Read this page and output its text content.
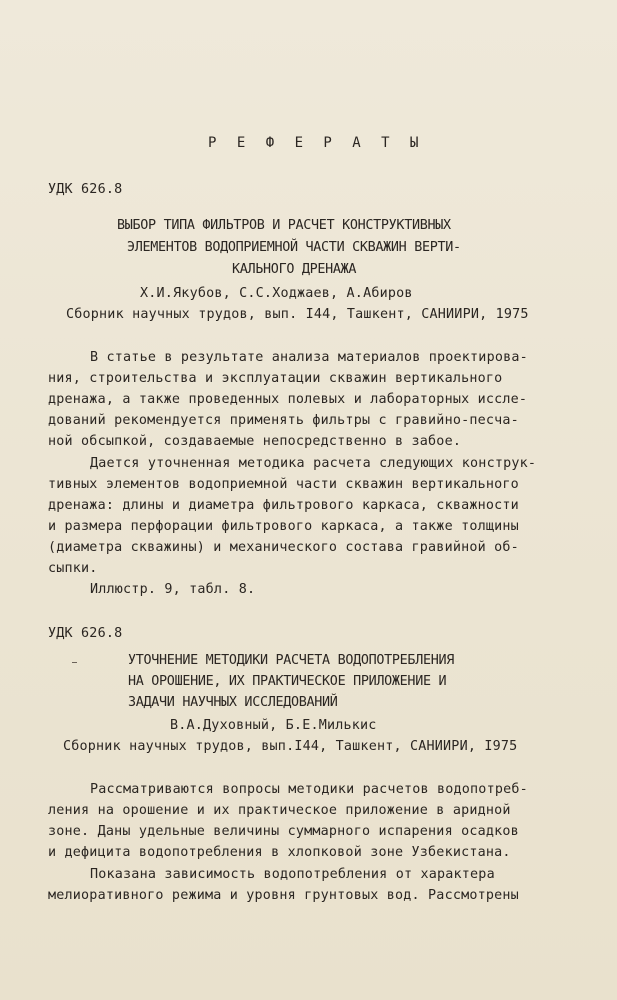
Р Е Ф Е Р А Т Ы
УДК 626.8
ВЫБОР ТИПА ФИЛЬТРОВ И РАСЧЕТ КОНСТРУКТИВНЫХ
ЭЛЕМЕНТОВ ВОДОПРИЕМНОЙ ЧАСТИ СКВАЖИН ВЕРТИ-
КАЛЬНОГО ДРЕНАЖА
Х.И.Якубов, С.С.Ходжаев, А.Абиров
Сборник научных трудов, вып. I44, Ташкент, САНИИРИ, 1975
В статье в результате анализа материалов проектирова-
ния, строительства и эксплуатации скважин вертикального
дренажа, а также проведенных полевых и лабораторных иссле-
дований рекомендуется применять фильтры с гравийно-песча-
ной обсыпкой, создаваемые непосредственно в забое.
Дается уточненная методика расчета следующих конструк-
тивных элементов водоприемной части скважин вертикального
дренажа: длины и диаметра фильтрового каркаса, скважности
и размера перфорации фильтрового каркаса, а также толщины
(диаметра скважины) и механического состава гравийной об-
сыпки.
Иллюстр. 9, табл. 8.
УДК 626.8
УТОЧНЕНИЕ МЕТОДИКИ РАСЧЕТА ВОДОПОТРЕБЛЕНИЯ
НА ОРОШЕНИЕ, ИХ ПРАКТИЧЕСКОЕ ПРИЛОЖЕНИЕ И
ЗАДАЧИ НАУЧНЫХ ИССЛЕДОВАНИЙ
В.А.Духовный, Б.Е.Милькис
Сборник научных трудов, вып.I44, Ташкент, САНИИРИ, I975
Рассматриваются вопросы методики расчетов водопотреб-
ления на орошение и их практическое приложение в аридной
зоне. Даны удельные величины суммарного испарения осадков
и дефицита водопотребления в хлопковой зоне Узбекистана.
Показана зависимость водопотребления от характера
мелиоративного режима и уровня грунтовых вод. Рассмотрены
